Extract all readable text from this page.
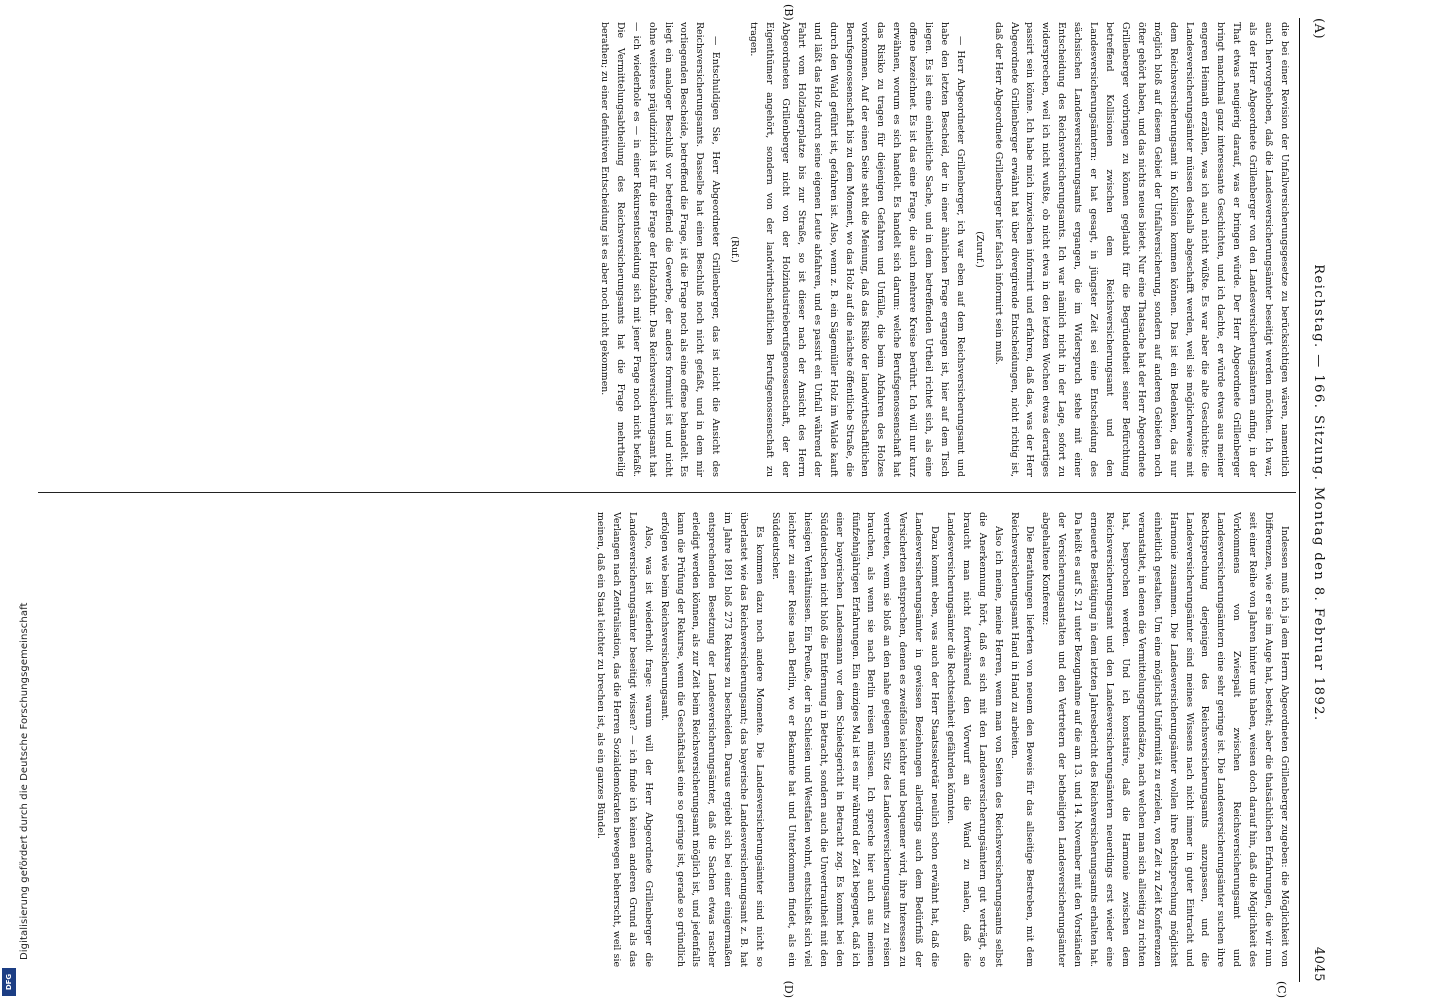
(A)
Reichstag. — 166. Sitzung. Montag den 8. Februar 1892.
4045
(B)
(C)
(D)

die bei einer Revision der Unfallversicherungsgesetze zu berücksichtigen wären, namentlich auch hervorgehoben, daß die Landesversicherungsämter beseitigt werden möchten. Ich war, als der Herr Abgeordnete Grillenberger von den Landesversicherungsämtern anfing, in der That etwas neugierig darauf, was er bringen würde. Der Herr Abgeordnete Grillenberger bringt manchmal ganz interessante Geschichten, und ich dachte, er würde etwas aus meiner engeren Heimath erzählen, was ich auch nicht wüßte. Es war aber die alte Geschichte: die Landesversicherungsämter müssen deshalb abgeschafft werden, weil sie möglicherweise mit dem Reichsversicherungsamt in Kollision kommen können. Das ist ein Bedenken, das nur möglich bloß auf diesem Gebiet der Unfallversicherung, sondern auf anderen Gebieten noch öfter gehört haben, und das nichts neues bietet. Nur eine Thatsache hat der Herr Abgeordnete Grillenberger vorbringen zu können geglaubt für die Begründetheit seiner Befürchtung betreffend Kollisionen zwischen dem Reichsversicherungsamt und den Landesversicherungsämtern: er hat gesagt, in jüngster Zeit sei eine Entscheidung des sächsischen Landesversicherungsamts ergangen, die im Widerspruch stehe mit einer Entscheidung des Reichsversicherungsamts. Ich war nämlich nicht in der Lage, sofort zu widersprechen, weil ich nicht wußte, ob nicht etwa in den letzten Wochen etwas derartiges passirt sein könne. Ich habe mich inzwischen informirt und erfahren, daß das, was der Herr Abgeordnete Grillenberger erwähnt hat über divergirende Entscheidungen, nicht richtig ist, daß der Herr Abgeordnete Grillenberger hier falsch informirt sein muß.

(Zuruf.)

— Herr Abgeordneter Grillenberger, ich war eben auf dem Reichsversicherungsamt und habe den letzten Bescheid, der in einer ähnlichen Frage ergangen ist, hier auf dem Tisch liegen. Es ist eine einheitliche Sache, und in dem betreffenden Urtheil richtet sich, als eine offene bezeichnet. Es ist das eine Frage, die auch mehrere Kreise berührt. Ich will nur kurz erwähnen, worum es sich handelt. Es handelt sich darum: welche Berufsgenossenschaft hat das Risiko zu tragen für diejenigen Gefahren und Unfälle, die beim Abfahren des Holzes vorkommen. Auf der einen Seite steht die Meinung, daß das Risiko der landwirthschaftlichen Berufsgenossenschaft bis zu dem Moment, wo das Holz auf die nächste öffentliche Straße, die durch den Wald geführt ist, gefahren ist. Also, wenn z. B. ein Sägemüller Holz im Walde kauft und läßt das Holz durch seine eigenen Leute abfahren, und es passirt ein Unfall während der Fahrt vom Holzlagerplatze bis zur Straße, so ist dieser nach der Ansicht des Herrn Abgeordneten Grillenberger nicht von der Holzindustrieberufsgenossenschaft, der der Eigenthümer angehört, sondern von der landwirthschaftlichen Berufsgenossenschaft zu tragen.

(Ruf.)

— Entschuldigen Sie, Herr Abgeordneter Grillenberger, das ist nicht die Ansicht des Reichsversicherungsamts. Dasselbe hat einen Beschluß noch nicht gefaßt, und in dem mir vorliegenden Bescheide, betreffend die Frage, ist die Frage noch als eine offene behandelt. Es liegt ein analoger Beschluß vor betreffend die Gewerbe, der anders formulirt ist und nicht ohne weiteres präjudizirlich ist für die Frage der Holzabfuhr. Das Reichsversicherungsamt hat — ich wiederhole es — in einer Rekursentscheidung sich mit jener Frage noch nicht befaßt. Die Vermittelungsabtheilung des Reichsversicherungsamts hat die Frage mehrtheilig berathen; zu einer definitiven Entscheidung ist es aber noch nicht gekommen.

Indessen muß ich ja dem Herrn Abgeordneten Grillenberger zugeben: die Möglichkeit von Differenzen, wie er sie im Auge hat, besteht; aber die thatsächlichen Erfahrungen, die wir nun seit einer Reihe von Jahren hinter uns haben, weisen doch darauf hin, daß die Möglichkeit des Vorkommens von Zwiespalt zwischen Reichsversicherungsamt und Landesversicherungsämtern eine sehr geringe ist. Die Landesversicherungsämter suchen ihre Rechtsprechung derjenigen des Reichsversicherungsamts anzupassen, und die Landesversicherungsämter sind meines Wissens nach nicht immer in guter Eintracht und Harmonie zusammen. Die Landesversicherungsämter wollen ihre Rechtsprechung möglichst einheitlich gestalten. Um eine möglichst Uniformität zu erzielen, von Zeit zu Zeit Konferenzen veranstaltet, in denen die Vermittelungsgrundsätze, nach welchen man sich allseitig zu richten hat, besprochen werden. Und ich konstatire, daß die Harmonie zwischen dem Reichsversicherungsamt und den Landesversicherungsämtern neuerdings erst wieder eine erneuerte Bestätigung in dem letzten Jahresbericht des Reichsversicherungsamts erhalten hat. Da heißt es auf S. 21 unter Bezugnahme auf die am 13. und 14. November mit den Vorständen der Versicherungsanstalten und den Vertretern der betheiligten Landesversicherungsämter abgehaltene Konferenz:

Die Berathungen lieferten von neuem den Beweis für das allseitige Bestreben, mit dem Reichsversicherungsamt Hand in Hand zu arbeiten.

Also ich meine, meine Herren, wenn man von Seiten des Reichsversicherungsamts selbst die Anerkennung hört, daß es sich mit den Landesversicherungsämtern gut verträgt, so braucht man nicht fortwährend den Vorwurf an die Wand zu malen, daß die Landesversicherungsämter die Rechtseinheit gefährden könnten.

Dazu kommt eben, was auch der Herr Staatssekretär neulich schon erwähnt hat, daß die Landesversicherungsämter in gewissen Beziehungen allerdings auch dem Bedürfniß der Versicherten entsprechen, denen es zweifellos leichter und bequemer wird, ihre Interessen zu vertreten, wenn sie bloß an den nahe gelegenen Sitz des Landesversicherungsamts zu reisen brauchen, als wenn sie nach Berlin reisen müssen. Ich spreche hier auch aus meinen fünfzehnjährigen Erfahrungen. Ein einziges Mal ist es mir während der Zeit begegnet, daß ich einer bayerischen Landesmann vor dem Schiedsgericht in Betracht zog. Es kommt bei den Süddeutschen nicht bloß die Entfernung in Betracht, sondern auch die Unvertrautheit mit den hiesigen Verhältnissen. Ein Preuße, der in Schlesien und Westfalen wohnt, entschließt sich viel leichter zu einer Reise nach Berlin, wo er Bekannte hat und Unterkommen findet, als ein Süddeutscher.

Es kommen dazu noch andere Momente. Die Landesversicherungsämter sind nicht so überlastet wie das Reichsversicherungsamt; das bayerische Landesversicherungsamt z. B. hat im Jahre 1891 bloß 273 Rekurse zu bescheiden. Daraus ergiebt sich bei einer einigermaßen entsprechenden Besetzung der Landesversicherungsämter, daß die Sachen etwas rascher erledigt werden können, als zur Zeit beim Reichsversicherungsamt möglich ist, und jedenfalls kann die Prüfung der Rekurse, wenn die Geschäftslast eine so geringe ist, gerade so gründlich erfolgen wie beim Reichsversicherungsamt.

Also, was ist wiederholt frage: warum will der Herr Abgeordnete Grillenberger die Landesversicherungsämter beseitigt wissen? — ich finde ich keinen anderen Grund als das Verlangen nach Zentralisation, das die Herren Sozialdemokraten bewegen beherrscht, weil sie meinen, daß ein Staat leichter zu brechen ist, als ein ganzes Bündel.

Digitalisierung gefördert durch die Deutsche Forschungsgemeinschaft
DFG
